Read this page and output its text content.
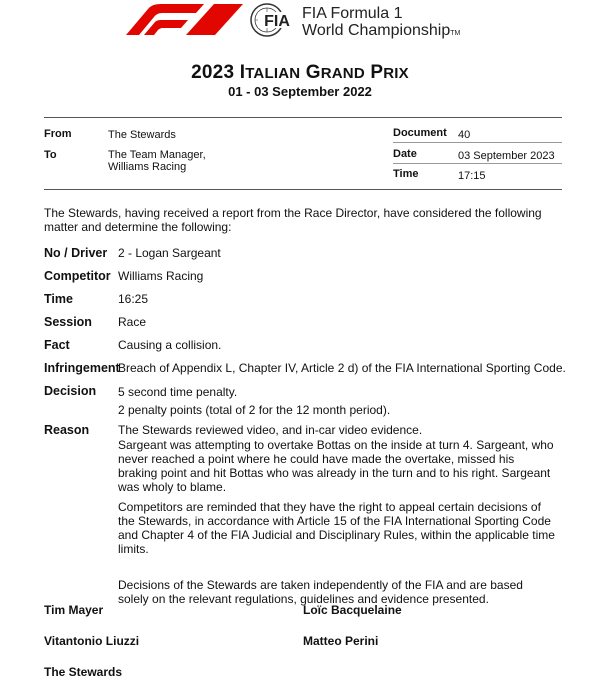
FIA FIA Formula 1
World ChampionshipTM
2023 ITALIAN GRAND PRIX
01 - 03 September 2022
From	The Stewards
To	The Team Manager,
Williams Racing
Document 40
Date	03 September 2023
Time	17:15
The Stewards, having received a report from the Race Director, have considered the following matter and determine the following:
No / Driver 2 - Logan Sargeant
Competitor Williams Racing
Time	16:25
Session Race
Fact	Causing a collision.
Infringement
Breach of Appendix L, Chapter IV, Article 2 d) of the FIA International Sporting Code.
Decision 5 second time penalty.
2 penalty points (total of 2 for the 12 month period).
Reason The Stewards reviewed video, and in-car video evidence.

Sargeant was attempting to overtake Bottas on the inside at turn 4. Sargeant, who never reached a point where he could have made the overtake, missed his braking point and hit Bottas who was already in the turn and to his right. Sargeant was wholy to blame.

Competitors are reminded that they have the right to appeal certain decisions of the Stewards, in accordance with Article 15 of the FIA International Sporting Code and Chapter 4 of the FIA Judicial and Disciplinary Rules, within the applicable time limits.

Decisions of the Stewards are taken independently of the FIA and are based solely on the relevant regulations, guidelines and evidence presented.

Tim Mayer	Loïc Bacquelaine
Vitantonio Liuzzi	Matteo Perini
The Stewards
